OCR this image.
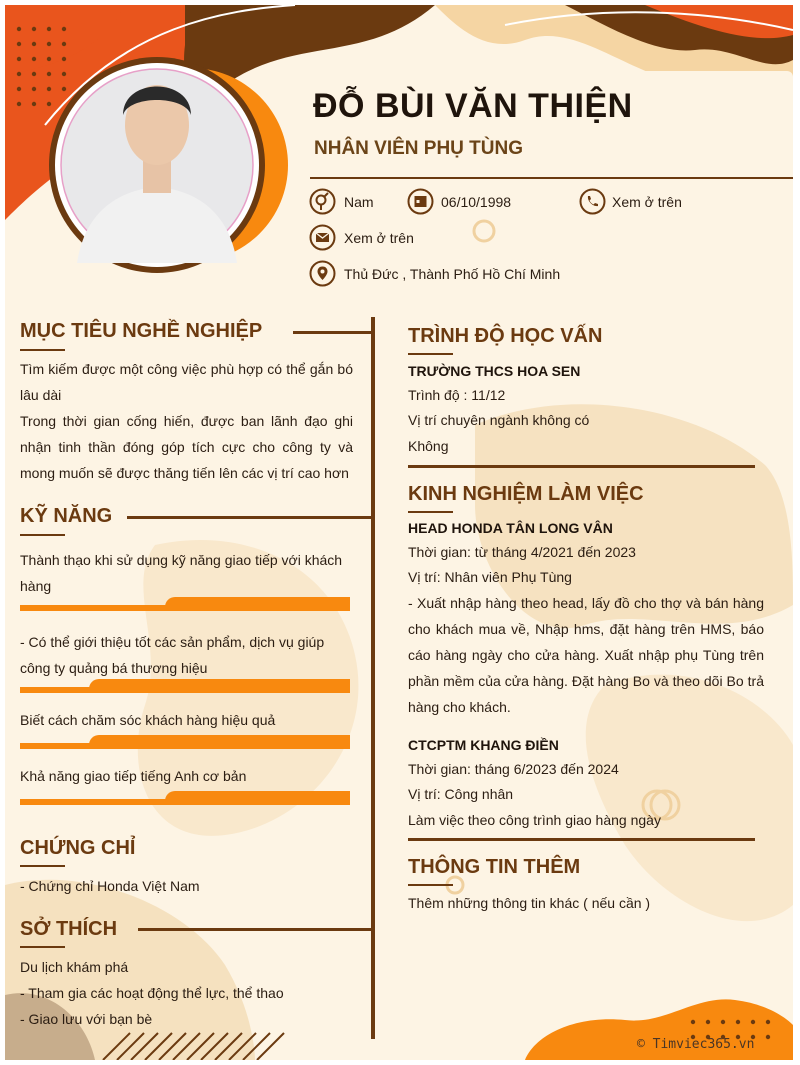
ĐỖ BÙI VĂN THIỆN
NHÂN VIÊN PHỤ TÙNG
Nam	06/10/1998	Xem ở trên
Xem ở trên
Thủ Đức , Thành Phố Hồ Chí Minh
MỤC TIÊU NGHỀ NGHIỆP
Tìm kiếm được một công việc phù hợp có thể gắn bó lâu dài
Trong thời gian cống hiến, được ban lãnh đạo ghi nhận tinh thần đóng góp tích cực cho công ty và mong muốn sẽ được thăng tiến lên các vị trí cao hơn
KỸ NĂNG
Thành thạo khi sử dụng kỹ năng giao tiếp với khách hàng
- Có thể giới thiệu tốt các sản phẩm, dịch vụ giúp công ty quảng bá thương hiệu
Biết cách chăm sóc khách hàng hiệu quả
Khả năng giao tiếp tiếng Anh cơ bản
CHỨNG CHỈ
- Chứng chỉ Honda Việt Nam
SỞ THÍCH
Du lịch khám phá
- Tham gia các hoạt động thể lực, thể thao
- Giao lưu với bạn bè
TRÌNH ĐỘ HỌC VẤN
TRƯỜNG THCS HOA SEN
Trình độ : 11/12
Vị trí chuyên ngành không có
Không
KINH NGHIỆM LÀM VIỆC
HEAD HONDA TÂN LONG VÂN
Thời gian: từ tháng 4/2021 đến 2023
Vị trí: Nhân viên Phụ Tùng
- Xuất nhập hàng theo head, lấy đồ cho thợ và bán hàng cho khách mua về, Nhập hms, đặt hàng trên HMS, báo cáo hàng ngày cho cửa hàng. Xuất nhập phụ Tùng trên phần mềm của cửa hàng. Đặt hàng Bo và theo dõi Bo trả hàng cho khách.
CTCPTM KHANG ĐIỀN
Thời gian: tháng 6/2023 đến 2024
Vị trí: Công nhân
Làm việc theo công trình giao hàng ngày
THÔNG TIN THÊM
Thêm những thông tin khác ( nếu cần )
© Timviec365.vn
